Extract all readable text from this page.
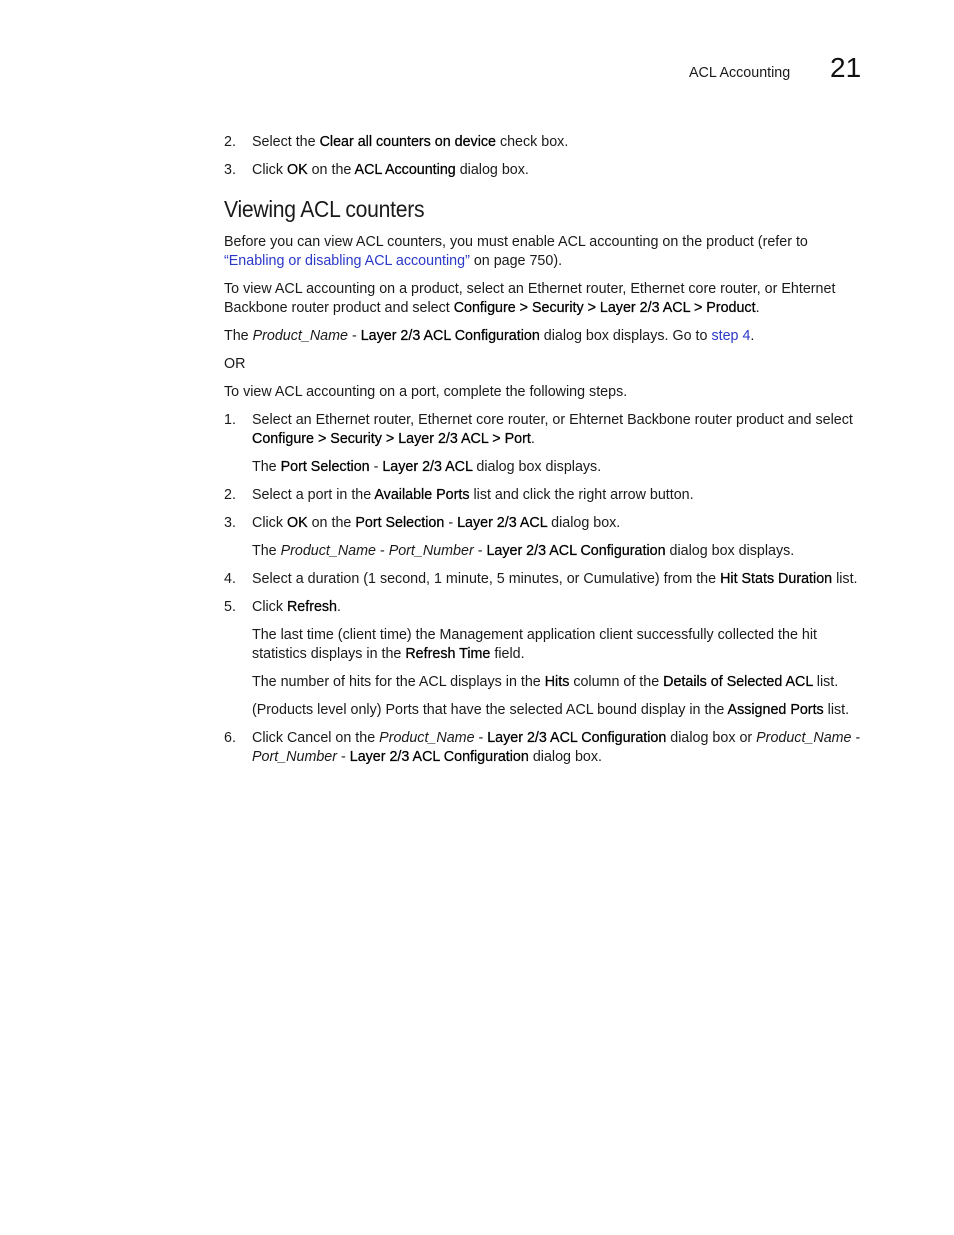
ACL Accounting 21
2. Select the Clear all counters on device check box.
3. Click OK on the ACL Accounting dialog box.
Viewing ACL counters
Before you can view ACL counters, you must enable ACL accounting on the product (refer to “Enabling or disabling ACL accounting” on page 750).
To view ACL accounting on a product, select an Ethernet router, Ethernet core router, or Ehternet Backbone router product and select Configure > Security > Layer 2/3 ACL > Product.
The Product_Name - Layer 2/3 ACL Configuration dialog box displays. Go to step 4.
OR
To view ACL accounting on a port, complete the following steps.
1. Select an Ethernet router, Ethernet core router, or Ehternet Backbone router product and select Configure > Security > Layer 2/3 ACL > Port.
The Port Selection - Layer 2/3 ACL dialog box displays.
2. Select a port in the Available Ports list and click the right arrow button.
3. Click OK on the Port Selection - Layer 2/3 ACL dialog box.
The Product_Name - Port_Number - Layer 2/3 ACL Configuration dialog box displays.
4. Select a duration (1 second, 1 minute, 5 minutes, or Cumulative) from the Hit Stats Duration list.
5. Click Refresh.
The last time (client time) the Management application client successfully collected the hit statistics displays in the Refresh Time field.
The number of hits for the ACL displays in the Hits column of the Details of Selected ACL list.
(Products level only) Ports that have the selected ACL bound display in the Assigned Ports list.
6. Click Cancel on the Product_Name - Layer 2/3 ACL Configuration dialog box or Product_Name - Port_Number - Layer 2/3 ACL Configuration dialog box.
